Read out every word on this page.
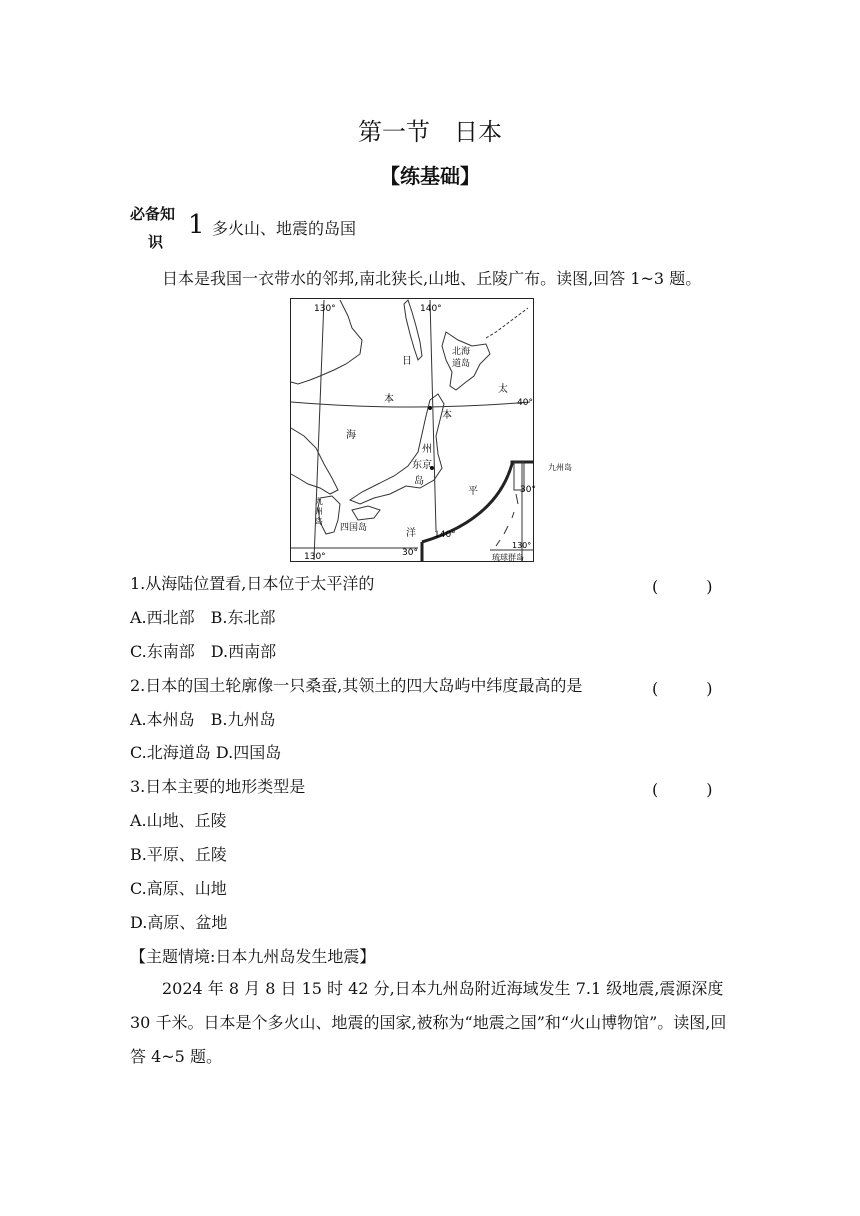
第一节　日本
【练基础】
必备知
识
1 多火山、地震的岛国
日本是我国一衣带水的邻邦,南北狭长,山地、丘陵广布。读图,回答 1~3 题。
130°	140°
130°
140°
130°
40°
30°
30°
日
本
海
北海
道岛
太
本
州
东京
岛
平
洋
九
州
岛
四国岛
九州岛
琉球群岛
1.从海陆位置看,日本位于太平洋的	(　　　)
A.西北部　B.东北部
C.东南部　D.西南部
2.日本的国土轮廓像一只桑蚕,其领土的四大岛屿中纬度最高的是	(　　　)
A.本州岛　B.九州岛
C.北海道岛 D.四国岛
3.日本主要的地形类型是	(　　　)
A.山地、丘陵
B.平原、丘陵
C.高原、山地
D.高原、盆地
【主题情境:日本九州岛发生地震】
2024 年 8 月 8 日 15 时 42 分,日本九州岛附近海域发生 7.1 级地震,震源深度 30 千米。日本是个多火山、地震的国家,被称为“地震之国”和“火山博物馆”。读图,回答 4~5 题。
